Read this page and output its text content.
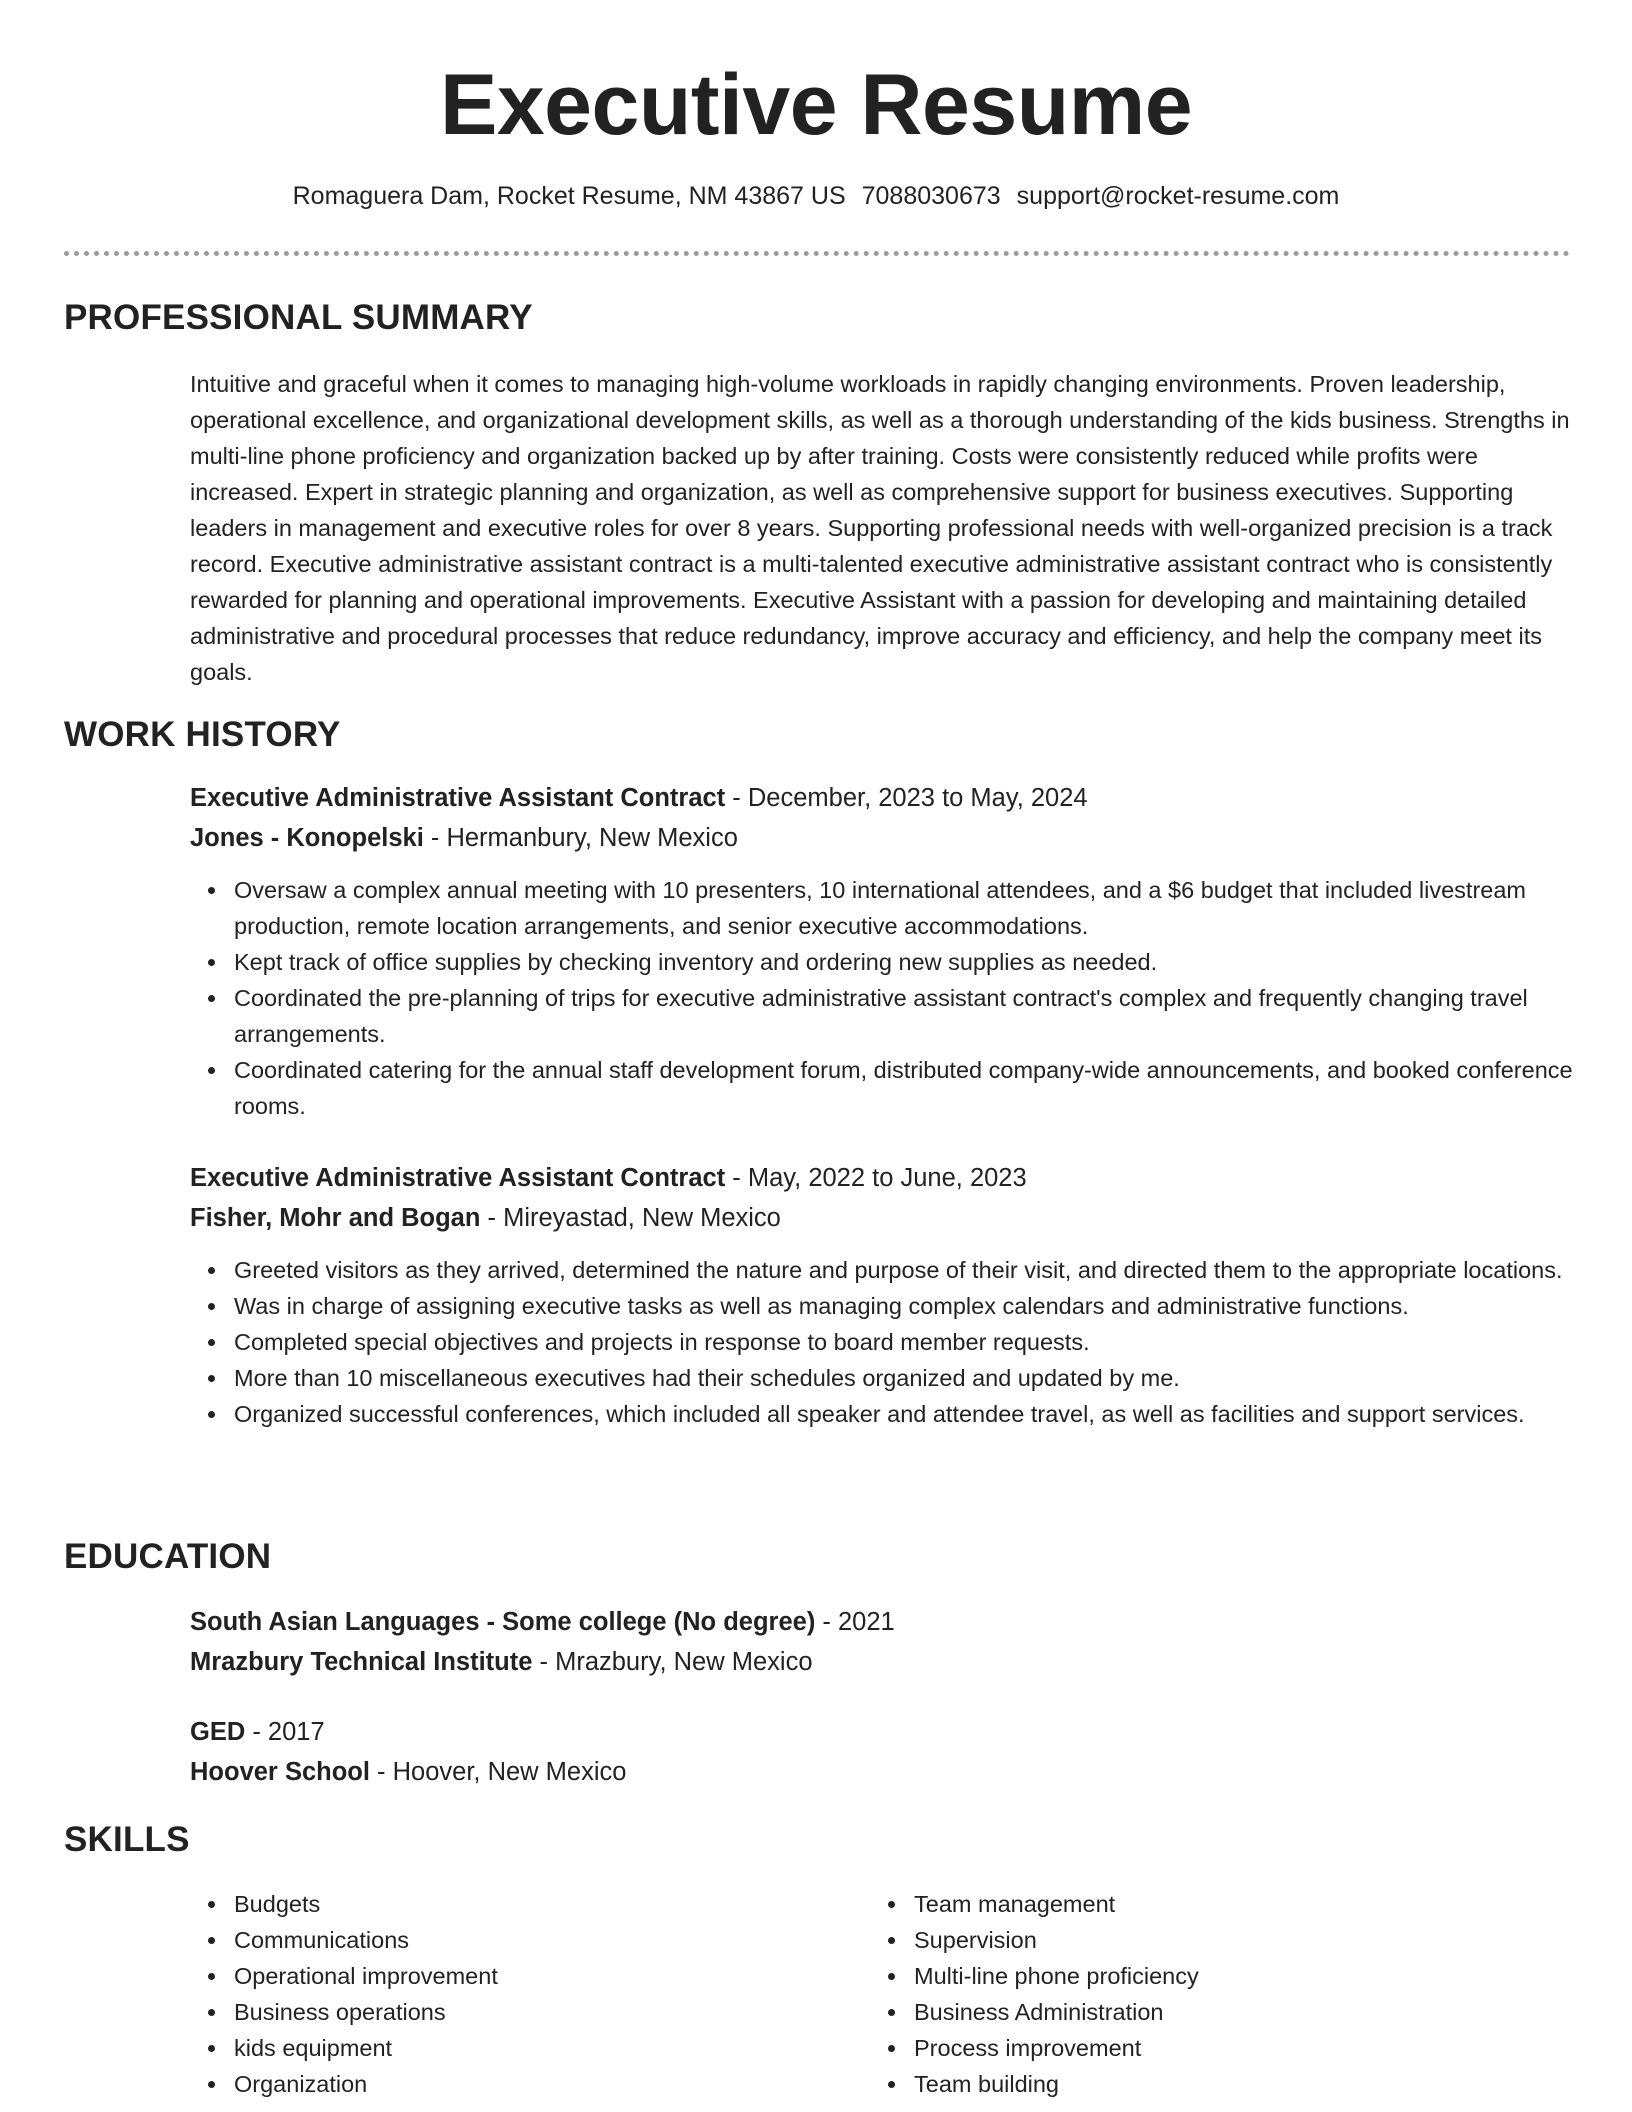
Executive Resume
Romaguera Dam, Rocket Resume, NM 43867 US 7088030673 support@rocket-resume.com
PROFESSIONAL SUMMARY

Intuitive and graceful when it comes to managing high-volume workloads in rapidly changing environments. Proven leadership, operational excellence, and organizational development skills, as well as a thorough understanding of the kids business. Strengths in multi-line phone proficiency and organization backed up by after training. Costs were consistently reduced while profits were increased. Expert in strategic planning and organization, as well as comprehensive support for business executives. Supporting leaders in management and executive roles for over 8 years. Supporting professional needs with well-organized precision is a track record. Executive administrative assistant contract is a multi-talented executive administrative assistant contract who is consistently rewarded for planning and operational improvements. Executive Assistant with a passion for developing and maintaining detailed administrative and procedural processes that reduce redundancy, improve accuracy and efficiency, and help the company meet its goals.

WORK HISTORY
Executive Administrative Assistant Contract - December, 2023 to May, 2024
Jones - Konopelski - Hermanbury, New Mexico
Oversaw a complex annual meeting with 10 presenters, 10 international attendees, and a $6 budget that included livestream production, remote location arrangements, and senior executive accommodations.
Kept track of office supplies by checking inventory and ordering new supplies as needed.
Coordinated the pre-planning of trips for executive administrative assistant contract's complex and frequently changing travel arrangements.
Coordinated catering for the annual staff development forum, distributed company-wide announcements, and booked conference rooms.
Executive Administrative Assistant Contract - May, 2022 to June, 2023
Fisher, Mohr and Bogan - Mireyastad, New Mexico
Greeted visitors as they arrived, determined the nature and purpose of their visit, and directed them to the appropriate locations.
Was in charge of assigning executive tasks as well as managing complex calendars and administrative functions.
Completed special objectives and projects in response to board member requests.
More than 10 miscellaneous executives had their schedules organized and updated by me.
Organized successful conferences, which included all speaker and attendee travel, as well as facilities and support services.
EDUCATION
South Asian Languages - Some college (No degree) - 2021
Mrazbury Technical Institute - Mrazbury, New Mexico
GED - 2017
Hoover School - Hoover, New Mexico
SKILLS
Budgets
Communications
Operational improvement
Business operations
kids equipment
Organization
Team management
Supervision
Multi-line phone proficiency
Business Administration
Process improvement
Team building
